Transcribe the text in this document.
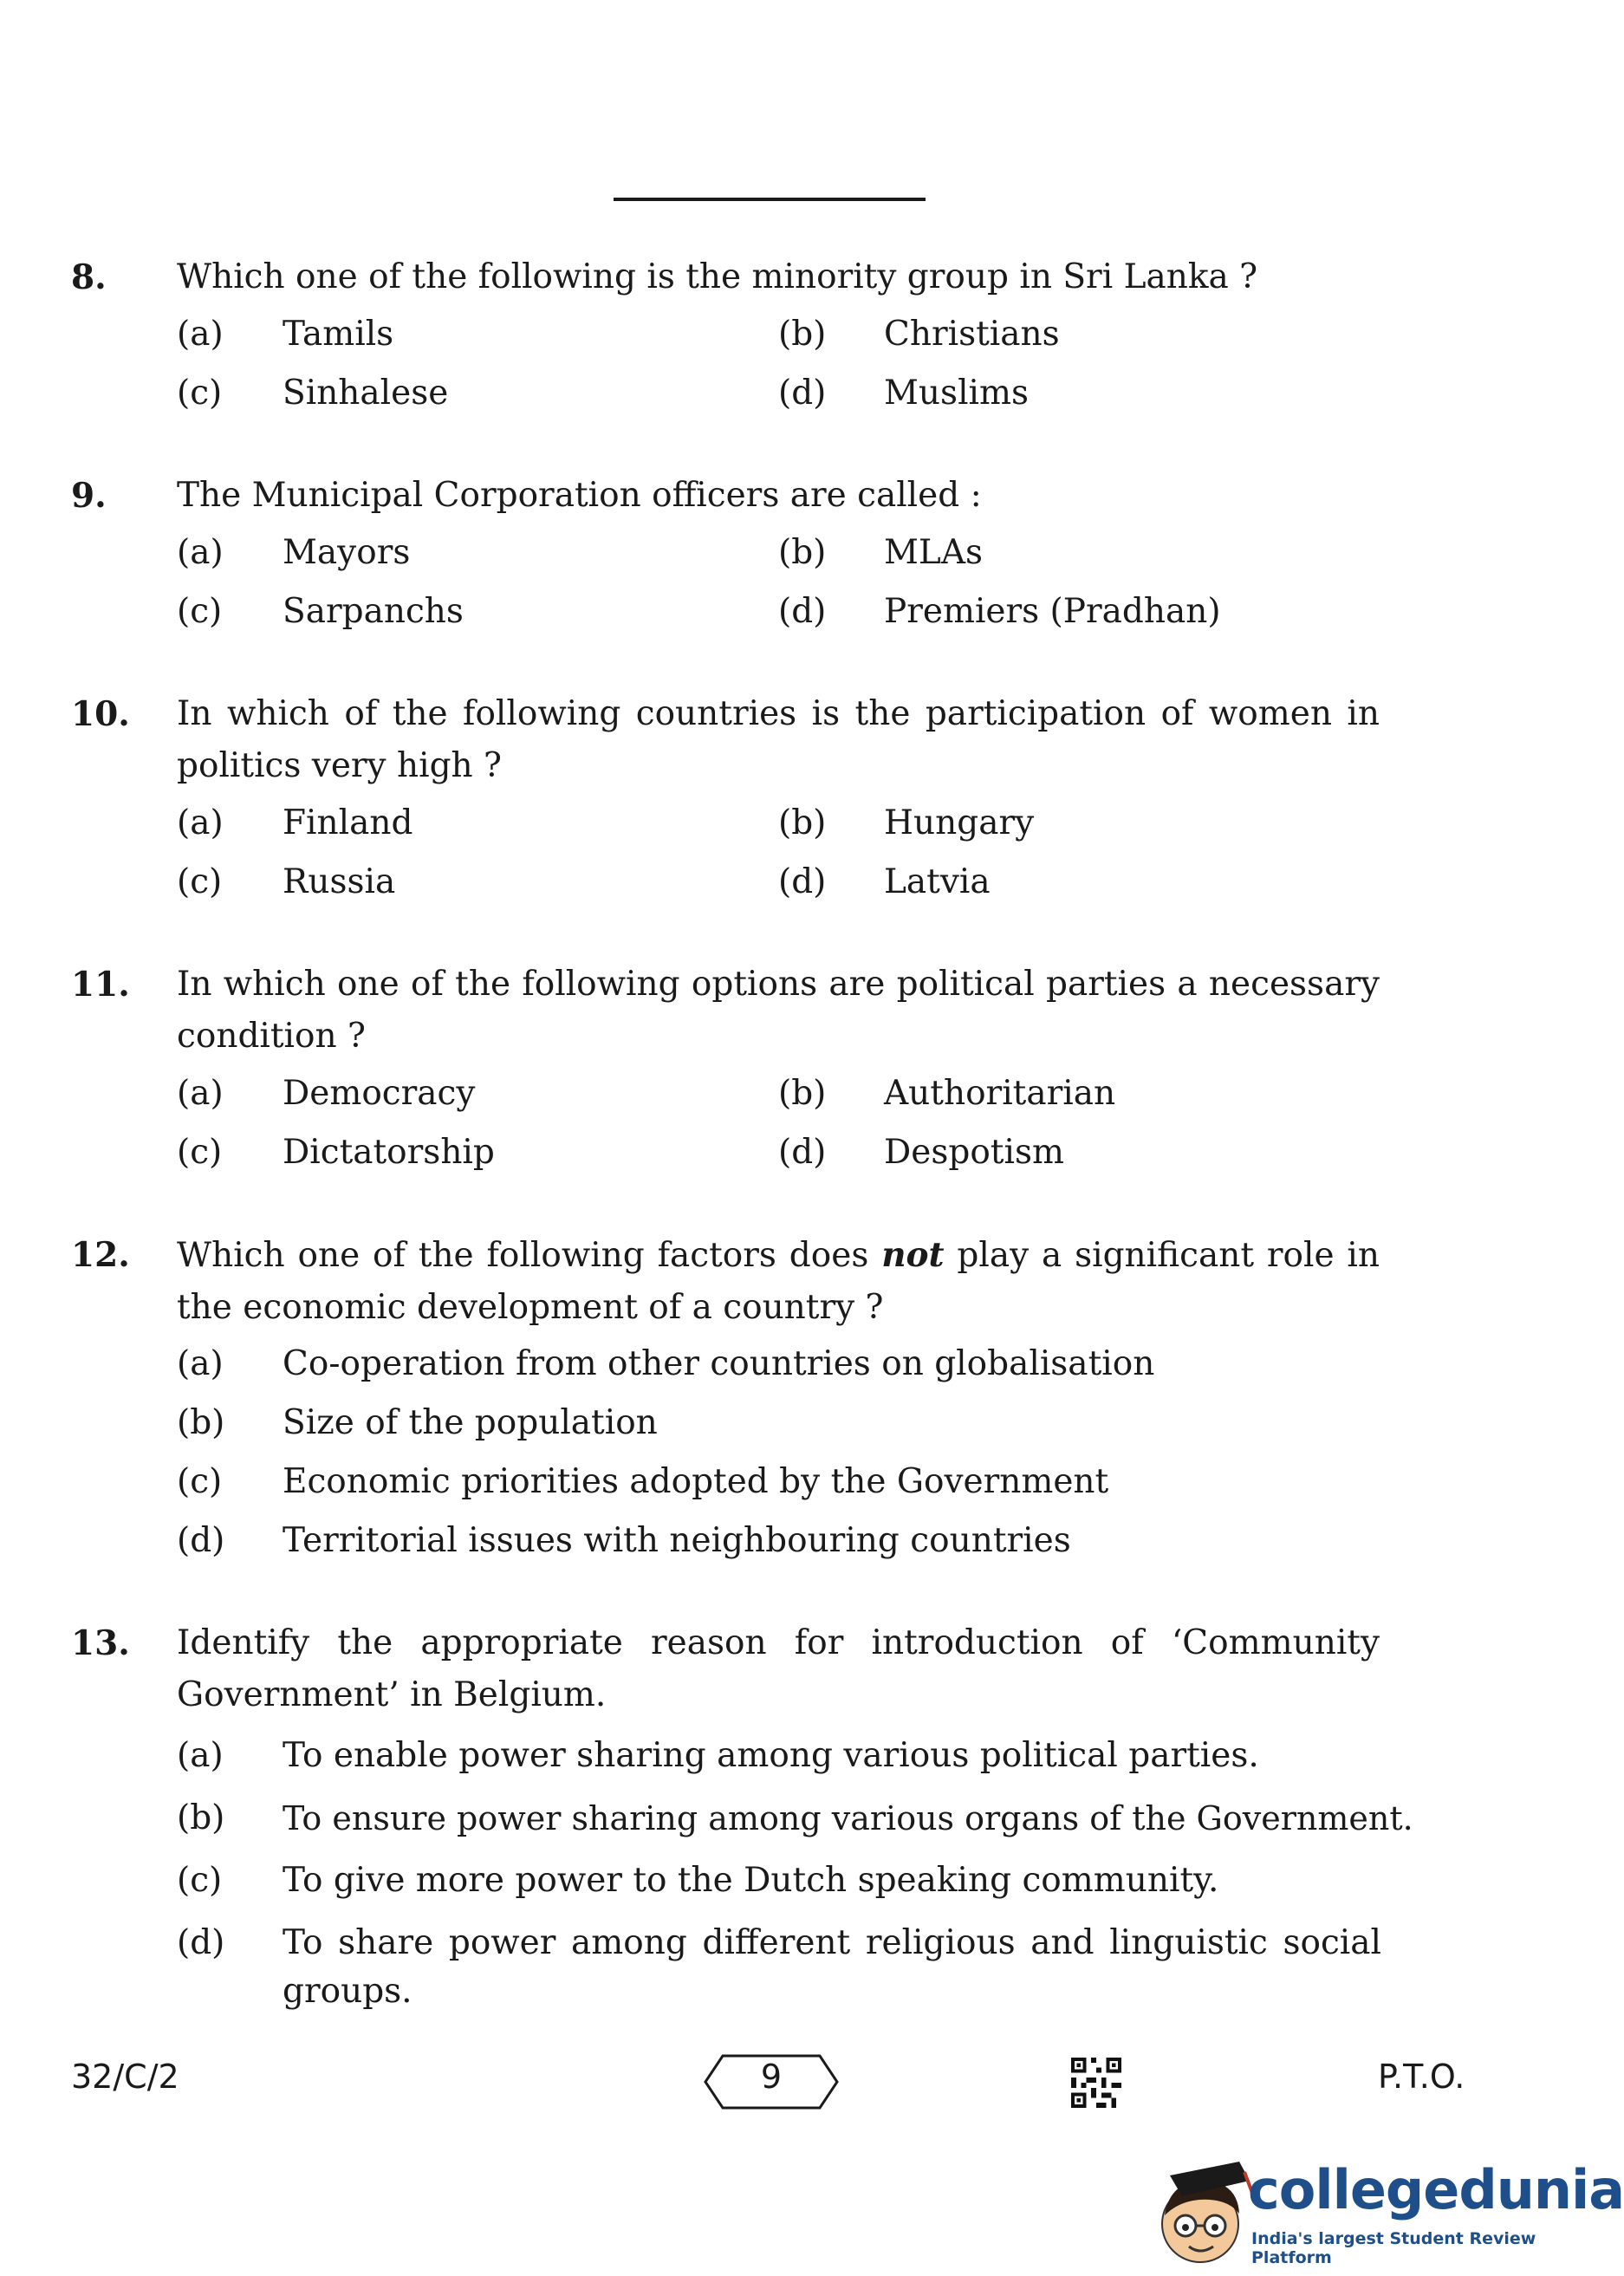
8. Which one of the following is the minority group in Sri Lanka ?
(a) Tamils	(b) Christians
(c) Sinhalese	(d) Muslims
9. The Municipal Corporation officers are called :
(a) Mayors	(b) MLAs
(c) Sarpanchs	(d) Premiers (Pradhan)
10. In which of the following countries is the participation of women in politics very high ?
(a) Finland	(b) Hungary
(c) Russia	(d) Latvia
11. In which one of the following options are political parties a necessary condition ?
(a) Democracy	(b) Authoritarian
(c) Dictatorship	(d) Despotism
12. Which one of the following factors does not play a significant role in the economic development of a country ?
(a) Co-operation from other countries on globalisation
(b) Size of the population
(c) Economic priorities adopted by the Government
(d) Territorial issues with neighbouring countries
13. Identify the appropriate reason for introduction of ‘Community Government’ in Belgium.
(a) To enable power sharing among various political parties.
(b) To ensure power sharing among various organs of the Government.
(c) To give more power to the Dutch speaking community.
(d) To share power among different religious and linguistic social groups.
32/C/2	9	P.T.O.
collegedunia
India's largest Student Review Platform
